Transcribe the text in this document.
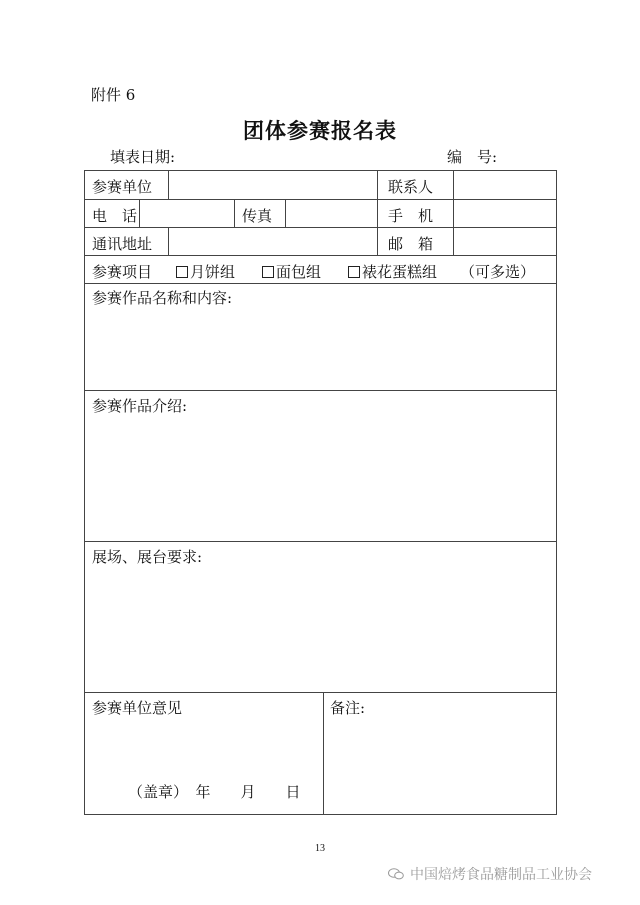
附件 6
团体参赛报名表
填表日期:	编　号:
参赛单位	联系人
电　话	传真	手　机
通讯地址	邮　箱
参赛项目	月饼组	面包组	裱花蛋糕组 （可多选）
参赛作品名称和内容:
参赛作品介绍:
展场、展台要求:
参赛单位意见	备注:
（盖章）　年　　月　　日
13
中国焙烤食品糖制品工业协会
